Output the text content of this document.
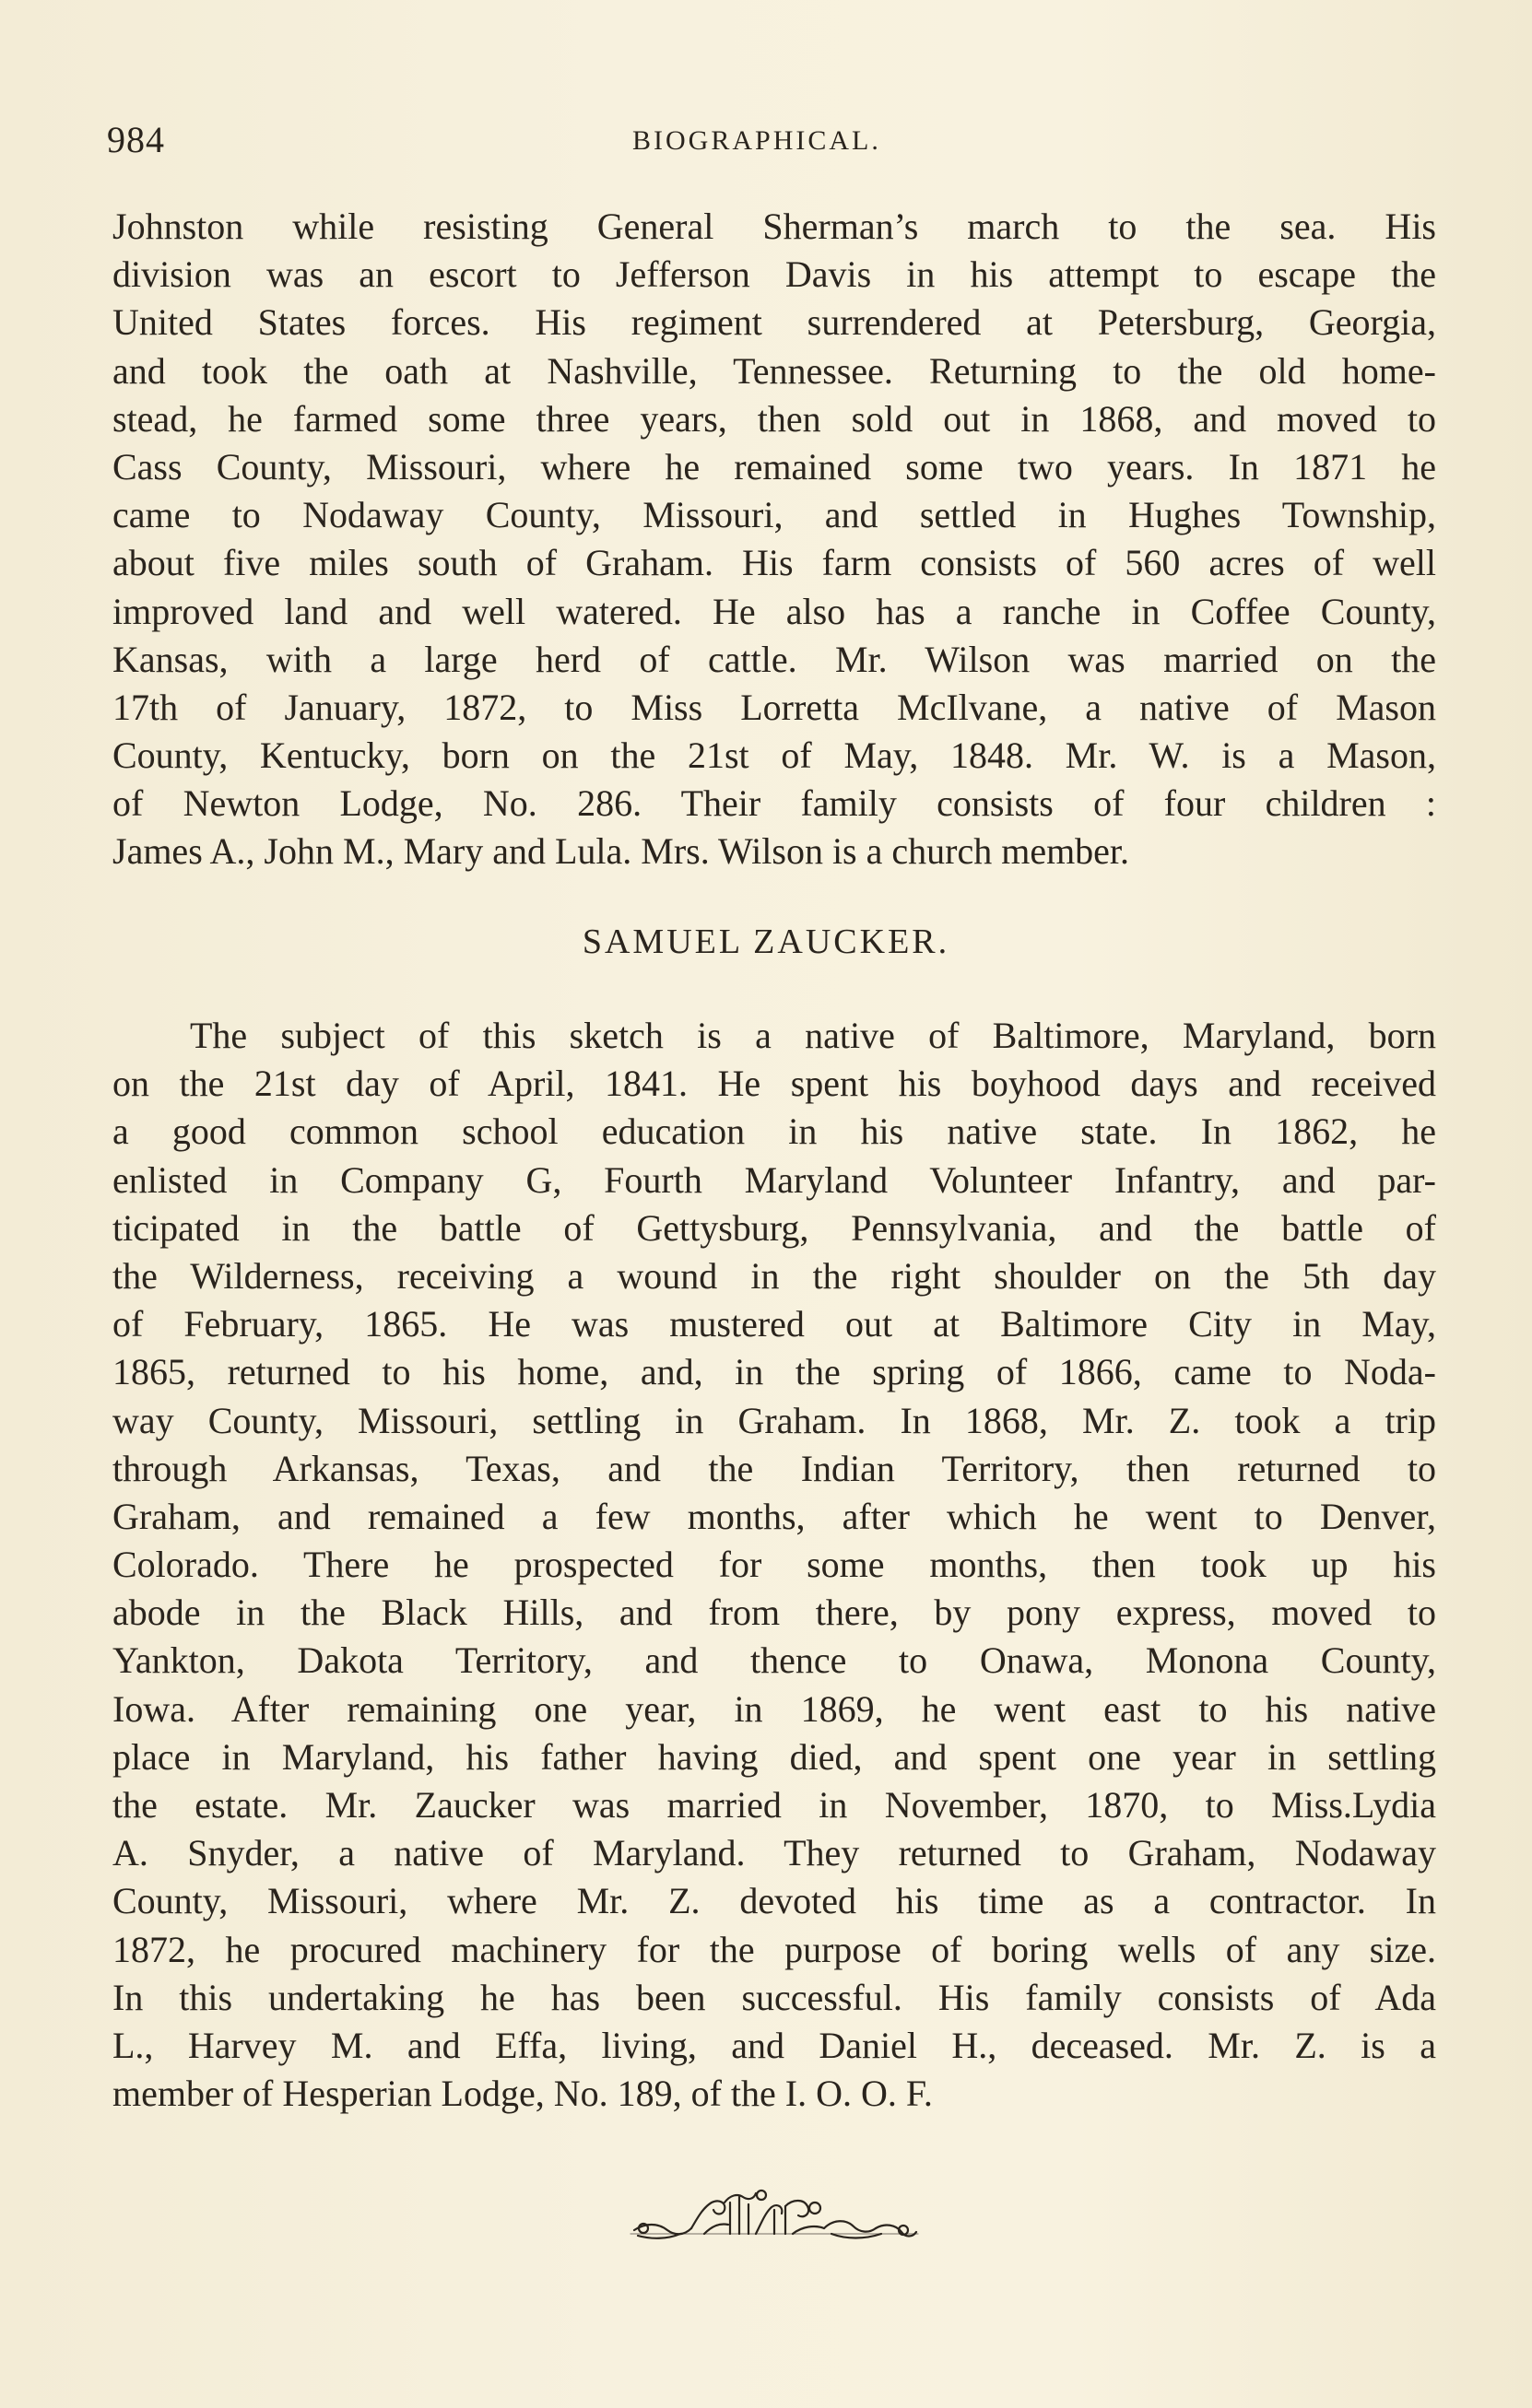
984	BIOGRAPHICAL.
Johnston while resisting General Sherman’s march to the sea. His
division was an escort to Jefferson Davis in his attempt to escape the
United States forces. His regiment surrendered at Petersburg, Georgia,
and took the oath at Nashville, Tennessee. Returning to the old home-
stead, he farmed some three years, then sold out in 1868, and moved to
Cass County, Missouri, where he remained some two years. In 1871 he
came to Nodaway County, Missouri, and settled in Hughes Township,
about five miles south of Graham. His farm consists of 560 acres of well
improved land and well watered. He also has a ranche in Coffee County,
Kansas, with a large herd of cattle. Mr. Wilson was married on the
17th of January, 1872, to Miss Lorretta McIlvane, a native of Mason
County, Kentucky, born on the 21st of May, 1848. Mr. W. is a Mason,
of Newton Lodge, No. 286. Their family consists of four children :
James A., John M., Mary and Lula. Mrs. Wilson is a church member.
SAMUEL ZAUCKER.
The subject of this sketch is a native of Baltimore, Maryland, born
on the 21st day of April, 1841. He spent his boyhood days and received
a good common school education in his native state. In 1862, he
enlisted in Company G, Fourth Maryland Volunteer Infantry, and par-
ticipated in the battle of Gettysburg, Pennsylvania, and the battle of
the Wilderness, receiving a wound in the right shoulder on the 5th day
of February, 1865. He was mustered out at Baltimore City in May,
1865, returned to his home, and, in the spring of 1866, came to Noda-
way County, Missouri, settling in Graham. In 1868, Mr. Z. took a trip
through Arkansas, Texas, and the Indian Territory, then returned to
Graham, and remained a few months, after which he went to Denver,
Colorado. There he prospected for some months, then took up his
abode in the Black Hills, and from there, by pony express, moved to
Yankton, Dakota Territory, and thence to Onawa, Monona County,
Iowa. After remaining one year, in 1869, he went east to his native
place in Maryland, his father having died, and spent one year in settling
the estate. Mr. Zaucker was married in November, 1870, to Miss.Lydia
A. Snyder, a native of Maryland. They returned to Graham, Nodaway
County, Missouri, where Mr. Z. devoted his time as a contractor. In
1872, he procured machinery for the purpose of boring wells of any size.
In this undertaking he has been successful. His family consists of Ada
L., Harvey M. and Effa, living, and Daniel H., deceased. Mr. Z. is a
member of Hesperian Lodge, No. 189, of the I. O. O. F.
